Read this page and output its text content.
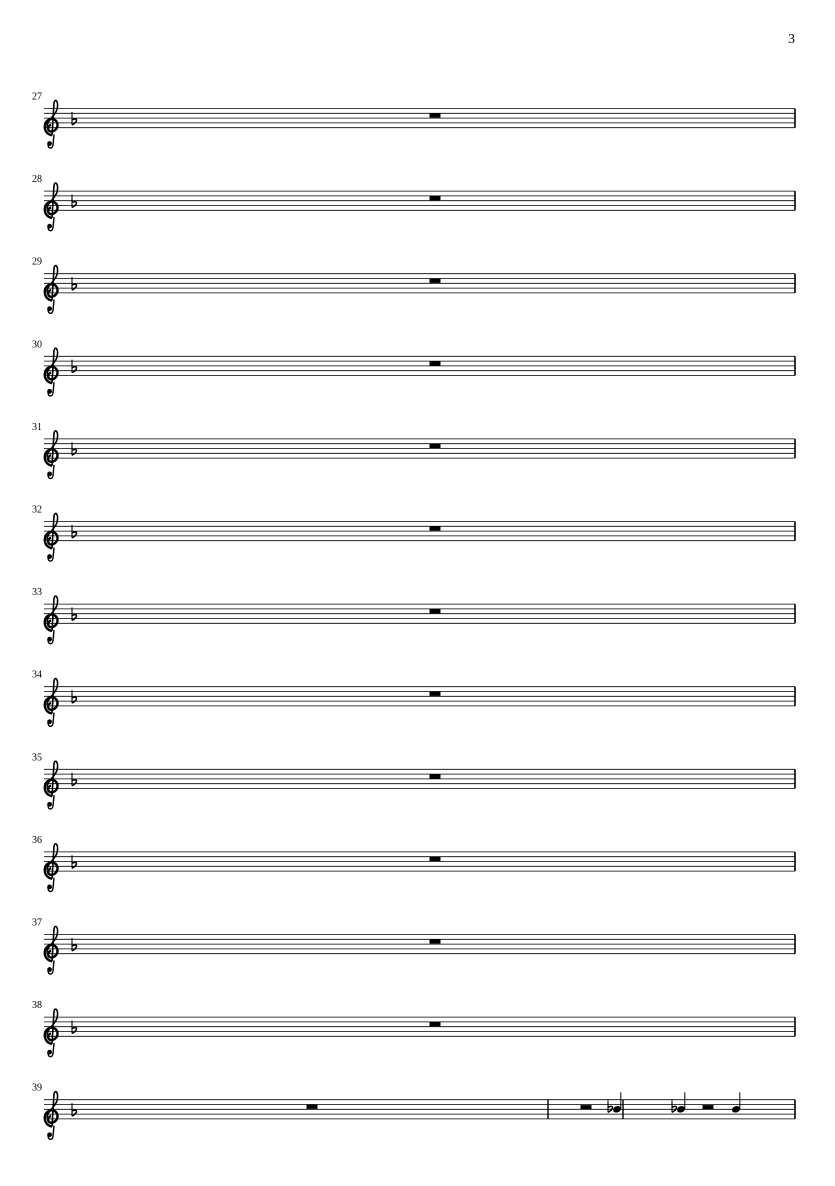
3
27
28
29
30
31
32
33
34
35
36
37
38
39
